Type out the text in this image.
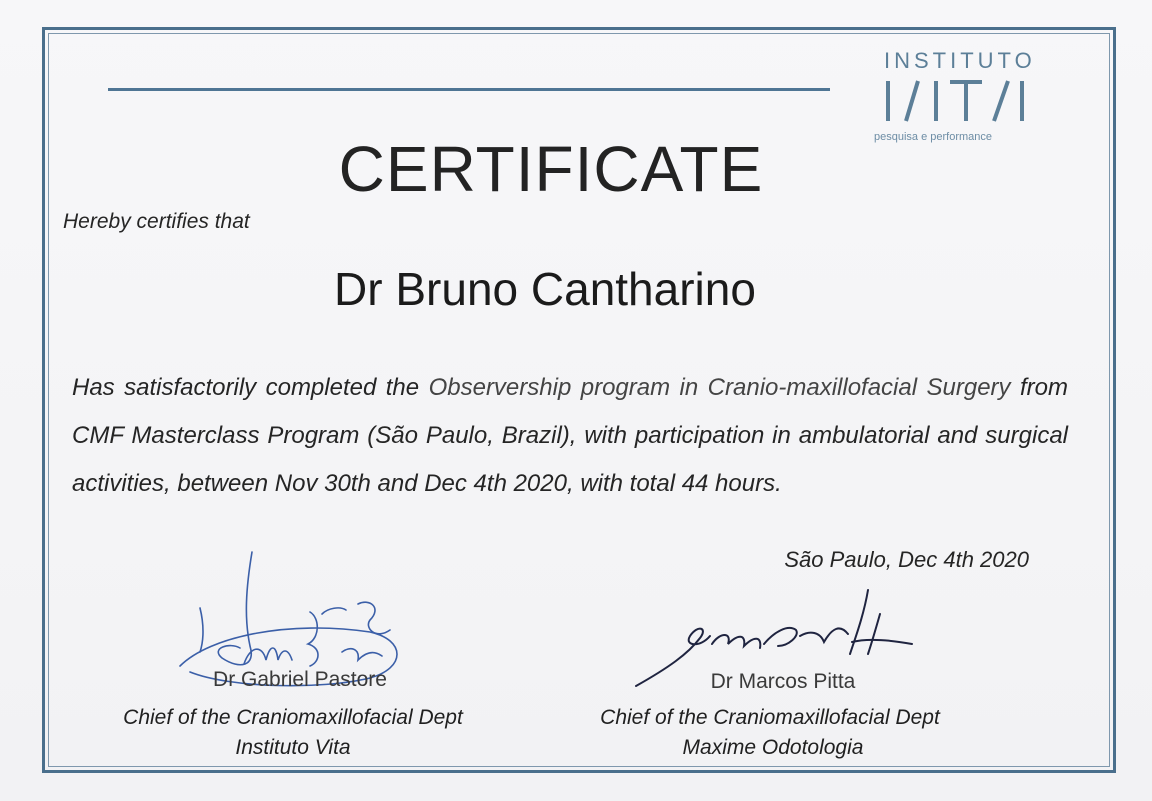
INSTITUTO
pesquisa e performance
CERTIFICATE
Hereby certifies that
Dr Bruno Cantharino
Has satisfactorily completed the Observership program in Cranio-maxillofacial Surgery from CMF Masterclass Program (São Paulo, Brazil), with participation in ambulatorial and surgical activities, between Nov 30th and Dec 4th 2020, with total 44 hours.
São Paulo, Dec 4th 2020
Dr Gabriel Pastore
Chief of the Craniomaxillofacial Dept
Instituto Vita
Dr Marcos Pitta
Chief of the Craniomaxillofacial Dept
Maxime Odotologia
